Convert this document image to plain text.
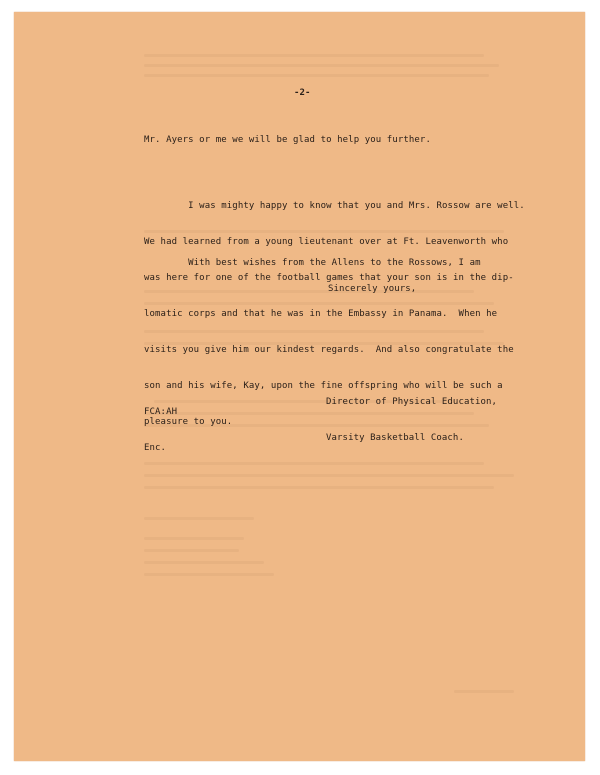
-2-
Mr. Ayers or me we will be glad to help you further.

I was mighty happy to know that you and Mrs. Rossow are well.

We had learned from a young lieutenant over at Ft. Leavenworth who

was here for one of the football games that your son is in the dip-

lomatic corps and that he was in the Embassy in Panama.  When he

visits you give him our kindest regards.  And also congratulate the

son and his wife, Kay, upon the fine offspring who will be such a

pleasure to you.

With best wishes from the Allens to the Rossows, I am
Sincerely yours,

Director of Physical Education,

Varsity Basketball Coach.

FCA:AH

Enc.
